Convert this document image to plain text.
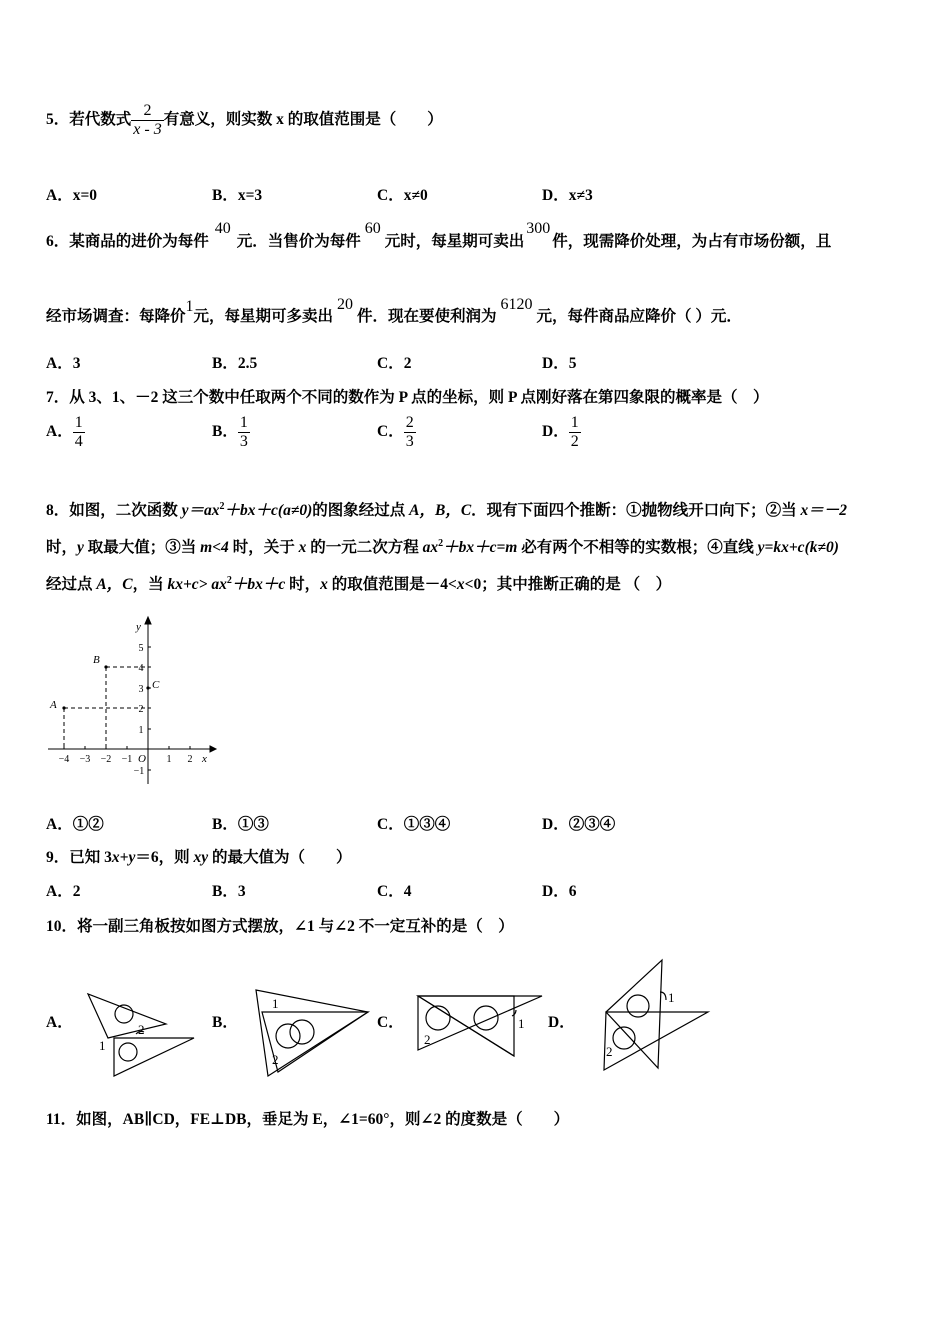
5．若代数式 $\frac{2}{x - 3}$ 有意义，则实数 x 的取值范围是（　　）
A．x=0	B．x=3	C．x≠0	D．x≠3
6．某商品的进价为每件40元．当售价为每件60元时，每星期可卖出300件，现需降价处理，为占有市场份额，且
经市场调查：每降价1元，每星期可多卖出20件．现在要使利润为6120元，每件商品应降价（ ）元．
A．3	B．2.5	C．2	D．5
7．从 3、1、－2 这三个数中任取两个不同的数作为 P 点的坐标，则 P 点刚好落在第四象限的概率是（　）
A． $\frac{1}{4}$	B． $\frac{1}{3}$	C． $\frac{2}{3}$	D． $\frac{1}{2}$
8．如图，二次函数 $y=ax^2+bx+c(a\ne 0)$的图象经过点 A，B，C．现有下面四个推断：①抛物线开口向下；②当 x＝－2
时，y 取最大值；③当 m<4 时，关于 x 的一元二次方程 $ax^2+bx+c=m$ 必有两个不相等的实数根；④直线 y=kx+c(k≠0)
经过点 A，C，当 $kx+c> ax^2+bx+c$ 时，x 的取值范围是－4<x<0；其中推断正确的是 （　）
A
B
C
y
x
O
5
4
3
2
1
−1
−4 −3 −2 −1	1 2
A．①②	B．①③	C．①③④	D．②③④
9．已知 3x+y＝6，则 xy 的最大值为（　　）
A．2	B．3	C．4	D．6
10．将一副三角板按如图方式摆放，∠1 与∠2 不一定互补的是（　）
A．	2
1
B．
1
2
C．	1
2
D．
1
2
11．如图，AB∥CD，FE⊥DB，垂足为 E，∠1=60°，则∠2 的度数是（　　）
